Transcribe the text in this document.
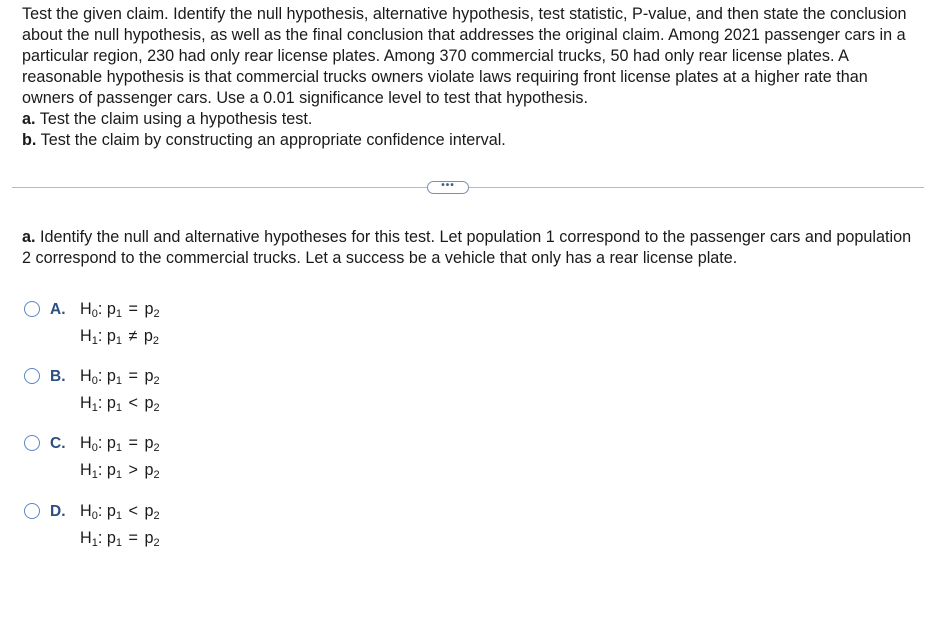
Test the given claim. Identify the null hypothesis, alternative hypothesis, test statistic, P-value, and then state the conclusion about the null hypothesis, as well as the final conclusion that addresses the original claim. Among 2021 passenger cars in a particular region, 230 had only rear license plates. Among 370 commercial trucks, 50 had only rear license plates. A reasonable hypothesis is that commercial trucks owners violate laws requiring front license plates at a higher rate than owners of passenger cars. Use a 0.01 significance level to test that hypothesis.

a. Test the claim using a hypothesis test.

b. Test the claim by constructing an appropriate confidence interval.

•••
a. Identify the null and alternative hypotheses for this test. Let population 1 correspond to the passenger cars and population 2 correspond to the commercial trucks. Let a success be a vehicle that only has a rear license plate.
A. $H_0$: $p_1 = p_2$
$H_1$: $p_1 \ne p_2$
B. $H_0$: $p_1 = p_2$
$H_1$: $p_1 < p_2$
C. $H_0$: $p_1 = p_2$
$H_1$: $p_1 > p_2$
D. $H_0$: $p_1 < p_2$
$H_1$: $p_1 = p_2$
